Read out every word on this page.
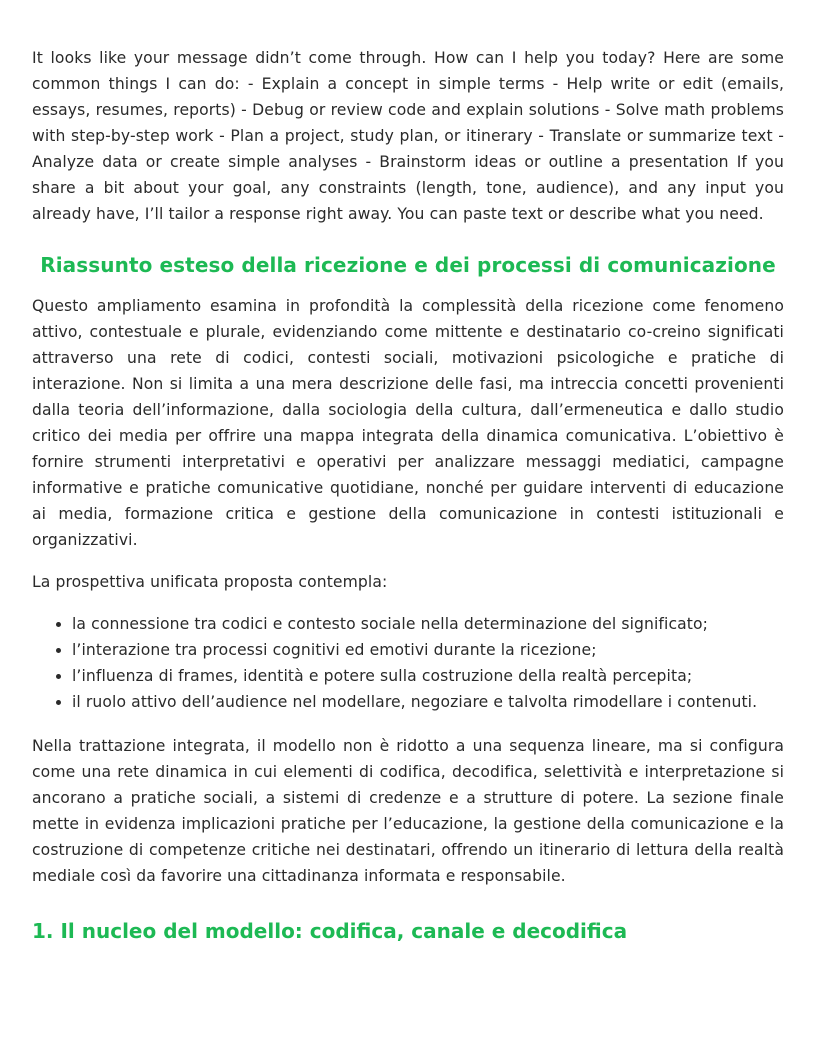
It looks like your message didn’t come through. How can I help you today? Here are some common things I can do: - Explain a concept in simple terms - Help write or edit (emails, essays, resumes, reports) - Debug or review code and explain solutions - Solve math problems with step-by-step work - Plan a project, study plan, or itinerary - Translate or summarize text - Analyze data or create simple analyses - Brainstorm ideas or outline a presentation If you share a bit about your goal, any constraints (length, tone, audience), and any input you already have, I’ll tailor a response right away. You can paste text or describe what you need.

Riassunto esteso della ricezione e dei processi di comunicazione

Questo ampliamento esamina in profondità la complessità della ricezione come fenomeno attivo, contestuale e plurale, evidenziando come mittente e destinatario co-creino significati attraverso una rete di codici, contesti sociali, motivazioni psicologiche e pratiche di interazione. Non si limita a una mera descrizione delle fasi, ma intreccia concetti provenienti dalla teoria dell’informazione, dalla sociologia della cultura, dall’ermeneutica e dallo studio critico dei media per offrire una mappa integrata della dinamica comunicativa. L’obiettivo è fornire strumenti interpretativi e operativi per analizzare messaggi mediatici, campagne informative e pratiche comunicative quotidiane, nonché per guidare interventi di educazione ai media, formazione critica e gestione della comunicazione in contesti istituzionali e organizzativi.

La prospettiva unificata proposta contempla:

• la connessione tra codici e contesto sociale nella determinazione del significato;
• l’interazione tra processi cognitivi ed emotivi durante la ricezione;
• l’influenza di frames, identità e potere sulla costruzione della realtà percepita;
• il ruolo attivo dell’audience nel modellare, negoziare e talvolta rimodellare i contenuti.

Nella trattazione integrata, il modello non è ridotto a una sequenza lineare, ma si configura come una rete dinamica in cui elementi di codifica, decodifica, selettività e interpretazione si ancorano a pratiche sociali, a sistemi di credenze e a strutture di potere. La sezione finale mette in evidenza implicazioni pratiche per l’educazione, la gestione della comunicazione e la costruzione di competenze critiche nei destinatari, offrendo un itinerario di lettura della realtà mediale così da favorire una cittadinanza informata e responsabile.

1. Il nucleo del modello: codifica, canale e decodifica
